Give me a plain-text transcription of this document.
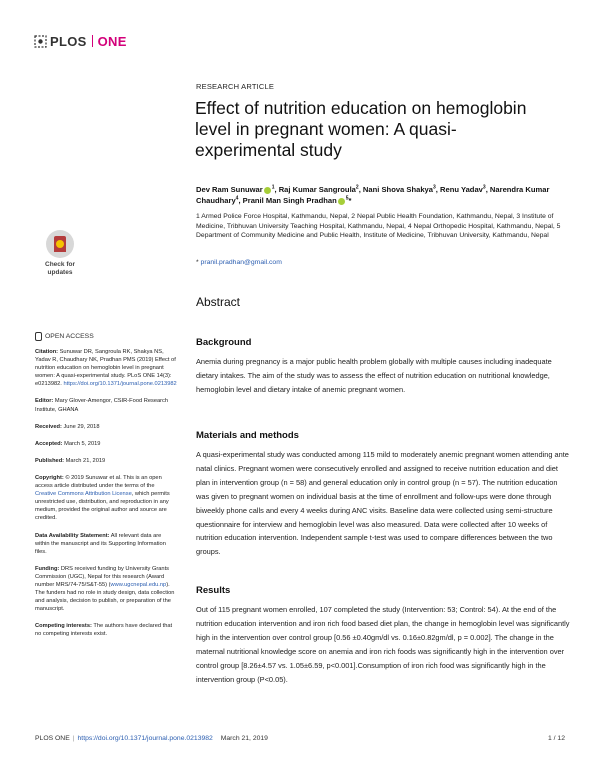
PLOS ONE
RESEARCH ARTICLE
Effect of nutrition education on hemoglobin level in pregnant women: A quasi-experimental study
Dev Ram Sunuwar $^1$, Raj Kumar Sangroula$^2$, Nani Shova Shakya$^3$, Renu Yadav$^3$, Narendra Kumar Chaudhary$^4$, Pranil Man Singh Pradhan $^5$*
1 Armed Police Force Hospital, Kathmandu, Nepal, 2 Nepal Public Health Foundation, Kathmandu, Nepal, 3 Institute of Medicine, Tribhuvan University Teaching Hospital, Kathmandu, Nepal, 4 Nepal Orthopedic Hospital, Kathmandu, Nepal, 5 Department of Community Medicine and Public Health, Institute of Medicine, Tribhuvan University, Kathmandu, Nepal
* pranil.pradhan@gmail.com
Check for updates
OPEN ACCESS

Citation: Sunuwar DR, Sangroula RK, Shakya NS, Yadav R, Chaudhary NK, Pradhan PMS (2019) Effect of nutrition education on hemoglobin level in pregnant women: A quasi-experimental study. PLoS ONE 14(3): e0213982. https://doi.org/10.1371/journal.pone.0213982

Editor: Mary Glover-Amengor, CSIR-Food Research Institute, GHANA

Received: June 29, 2018

Accepted: March 5, 2019

Published: March 21, 2019

Copyright: © 2019 Sunuwar et al. This is an open access article distributed under the terms of the Creative Commons Attribution License, which permits unrestricted use, distribution, and reproduction in any medium, provided the original author and source are credited.

Data Availability Statement: All relevant data are within the manuscript and its Supporting Information files.

Funding: DRS received funding by University Grants Commission (UGC), Nepal for this research (Award number MRS/74-75/S&T-55) (www.ugcnepal.edu.np). The funders had no role in study design, data collection and analysis, decision to publish, or preparation of the manuscript.

Competing interests: The authors have declared that no competing interests exist.

Abstract
Background

Anemia during pregnancy is a major public health problem globally with multiple causes including inadequate dietary intakes. The aim of the study was to assess the effect of nutrition education on nutritional knowledge, hemoglobin level and dietary intake of anemic pregnant women.

Materials and methods

A quasi-experimental study was conducted among 115 mild to moderately anemic pregnant women attending ante natal clinics. Pregnant women were consecutively enrolled and assigned to receive nutrition education and diet plan in intervention group (n = 58) and general education only in control group (n = 57). The nutrition education was given to pregnant women on individual basis at the time of enrollment and follow-ups were done through biweekly phone calls and every 4 weeks during ANC visits. Baseline data were collected using semi-structure questionnaire for interview and hemoglobin level was also measured. Data were collected after 10 weeks of nutrition education intervention. Independent sample t-test was used to compare differences between the two groups.

Results

Out of 115 pregnant women enrolled, 107 completed the study (Intervention: 53; Control: 54). At the end of the nutrition education intervention and iron rich food based diet plan, the change in hemoglobin level was significantly high in the intervention over control group [0.56 ±0.40gm/dl vs. 0.16±0.82gm/dl, p = 0.002]. The change in the maternal nutritional knowledge score on anemia and iron rich foods was significantly high in the intervention over control group [8.26±4.57 vs. 1.05±6.59, p<0.001].Consumption of iron rich food was significantly high in the intervention group (P<0.05).

PLOS ONE | https://doi.org/10.1371/journal.pone.0213982 March 21, 2019	1 / 12
